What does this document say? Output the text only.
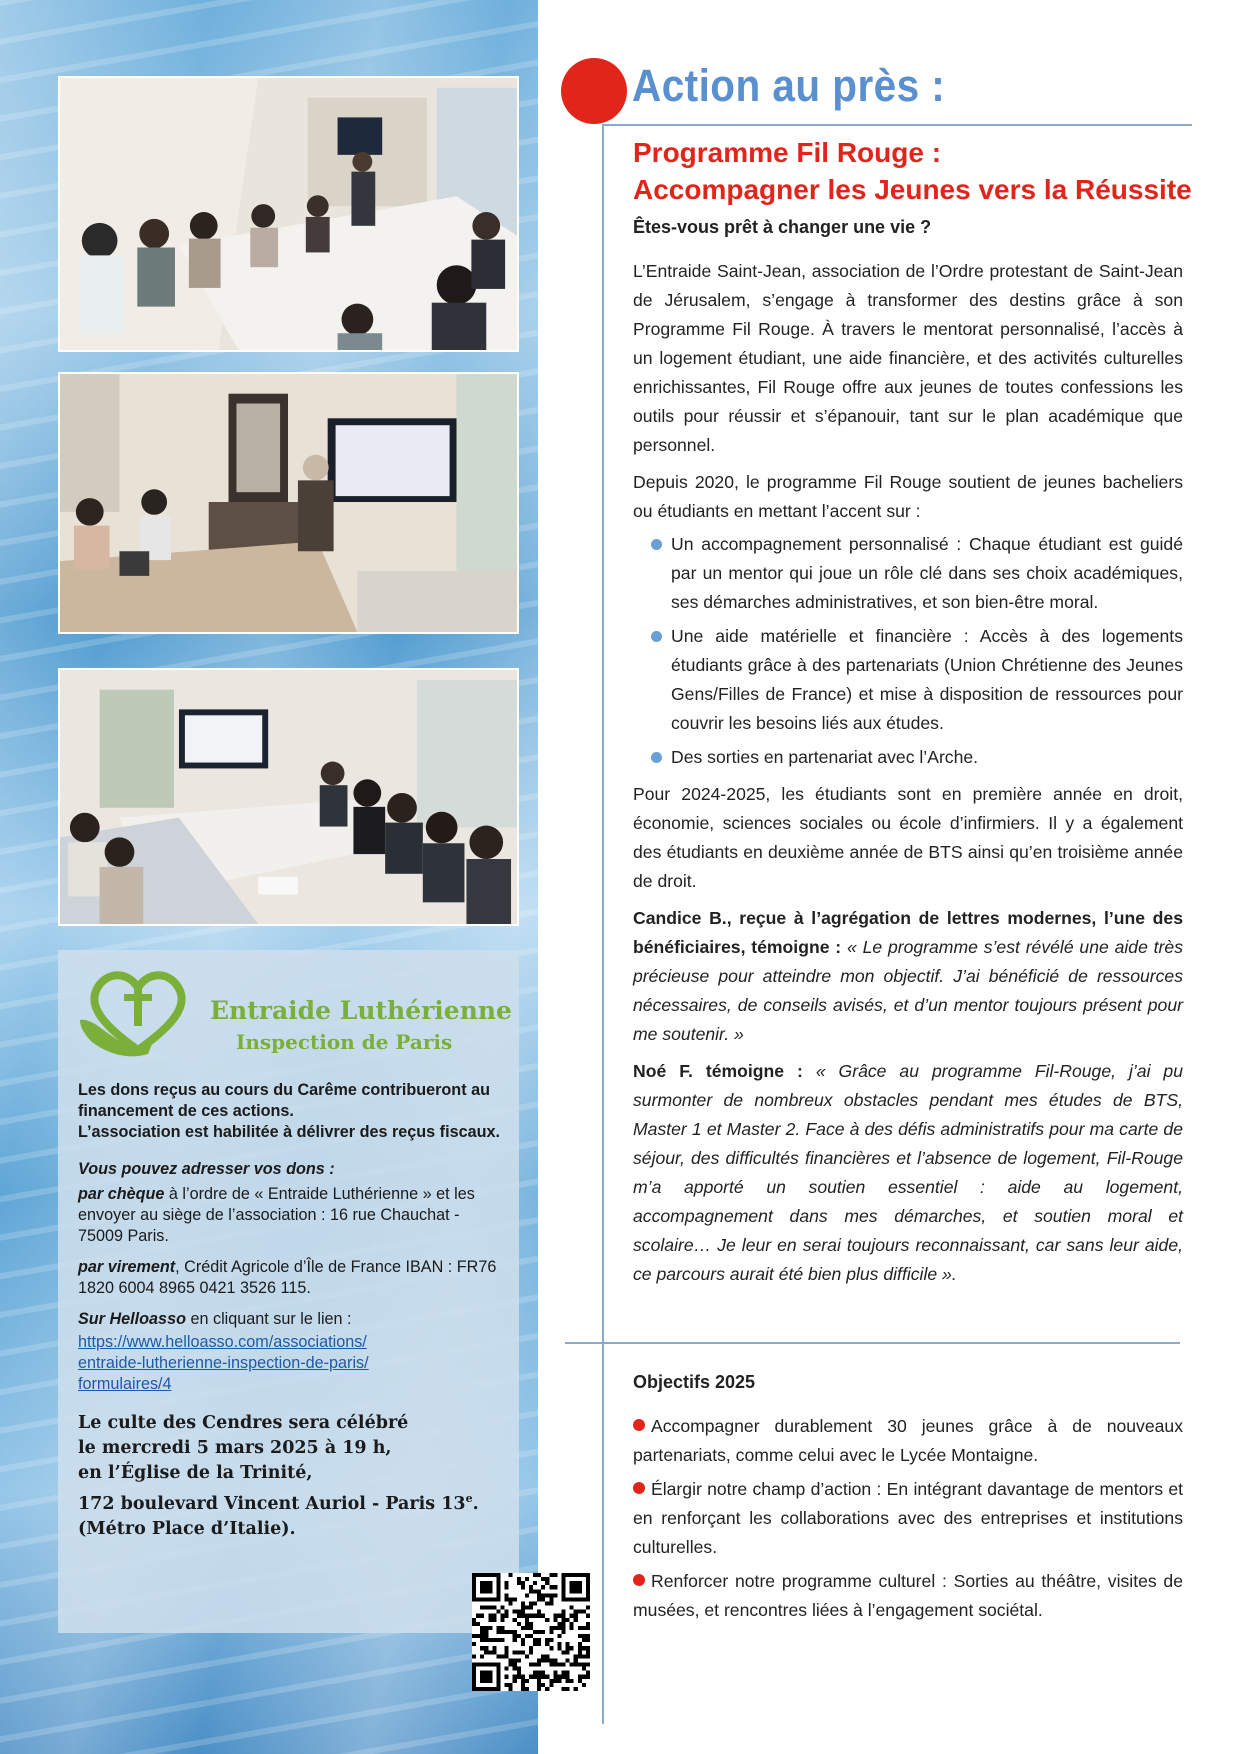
Entraide Luthérienne
Inspection de Paris

Les dons reçus au cours du Carême contribueront au financement de ces actions.

L’association est habilitée à délivrer des reçus fiscaux.

Vous pouvez adresser vos dons :

par chèque à l’ordre de « Entraide Luthérienne » et les envoyer au siège de l’association : 16 rue Chauchat - 75009 Paris.

par virement, Crédit Agricole d’Île de France IBAN : FR76 1820 6004 8965 0421 3526 115.

Sur Helloasso en cliquant sur le lien :

https://www.helloasso.com/associations/
entraide-lutherienne-inspection-de-paris/
formulaires/4

Le culte des Cendres sera célébré
le mercredi 5 mars 2025 à 19 h,
en l’Église de la Trinité,
172 boulevard Vincent Auriol - Paris 13e.
(Métro Place d’Italie).
Action au près :
Programme Fil Rouge :
Accompagner les Jeunes vers la Réussite
Êtes-vous prêt à changer une vie ?

L’Entraide Saint-Jean, association de l’Ordre protestant de Saint-Jean de Jérusalem, s’engage à transformer des destins grâce à son Programme Fil Rouge. À travers le mentorat personnalisé, l’accès à un logement étudiant, une aide financière, et des activités culturelles enrichissantes, Fil Rouge offre aux jeunes de toutes confessions les outils pour réussir et s’épanouir, tant sur le plan académique que personnel.

Depuis 2020, le programme Fil Rouge soutient de jeunes bacheliers ou étudiants en mettant l’accent sur :

Un accompagnement personnalisé : Chaque étudiant est guidé par un mentor qui joue un rôle clé dans ses choix académiques, ses démarches administratives, et son bien-être moral.
Une aide matérielle et financière : Accès à des logements étudiants grâce à des partenariats (Union Chrétienne des Jeunes Gens/Filles de France) et mise à disposition de ressources pour couvrir les besoins liés aux études.
Des sorties en partenariat avec l’Arche.

Pour 2024-2025, les étudiants sont en première année en droit, économie, sciences sociales ou école d’infirmiers. Il y a également des étudiants en deuxième année de BTS ainsi qu’en troisième année de droit.

Candice B., reçue à l’agrégation de lettres modernes, l’une des bénéficiaires, témoigne : « Le programme s’est révélé une aide très précieuse pour atteindre mon objectif. J’ai bénéficié de ressources nécessaires, de conseils avisés, et d’un mentor toujours présent pour me soutenir. »

Noé F. témoigne : « Grâce au programme Fil-Rouge, j’ai pu surmonter de nombreux obstacles pendant mes études de BTS, Master 1 et Master 2. Face à des défis administratifs pour ma carte de séjour, des difficultés financières et l’absence de logement, Fil-Rouge m’a apporté un soutien essentiel : aide au logement, accompagnement dans mes démarches, et soutien moral et scolaire… Je leur en serai toujours reconnaissant, car sans leur aide, ce parcours aurait été bien plus difficile ».

Objectifs 2025

Accompagner durablement 30 jeunes grâce à de nouveaux partenariats, comme celui avec le Lycée Montaigne.

Élargir notre champ d’action : En intégrant davantage de mentors et en renforçant les collaborations avec des entreprises et institutions culturelles.

Renforcer notre programme culturel : Sorties au théâtre, visites de musées, et rencontres liées à l’engagement sociétal.
